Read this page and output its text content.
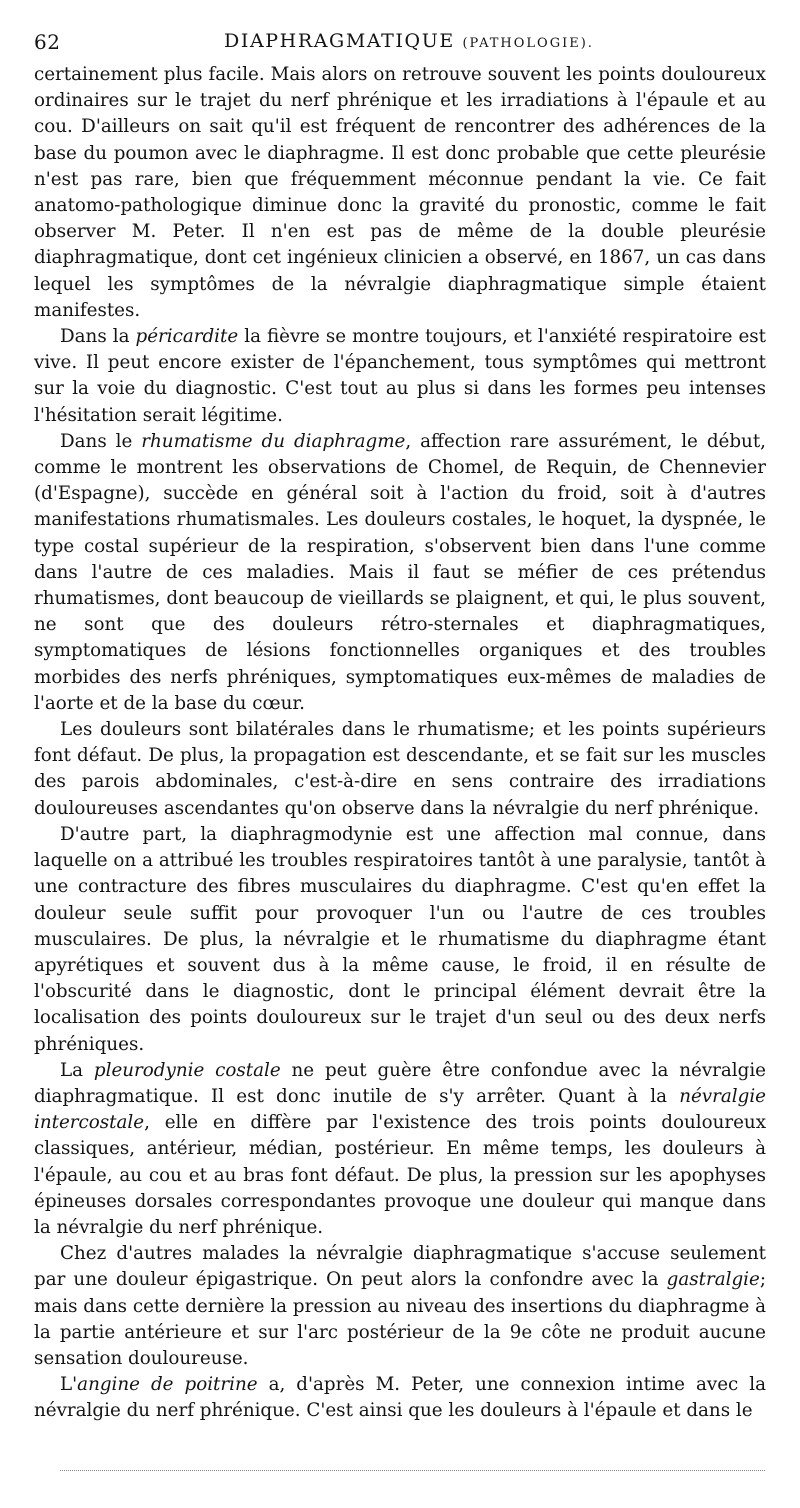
62	DIAPHRAGMATIQUE (PATHOLOGIE).

certainement plus facile. Mais alors on retrouve souvent les points douloureux ordinaires sur le trajet du nerf phrénique et les irradiations à l'épaule et au cou. D'ailleurs on sait qu'il est fréquent de rencontrer des adhérences de la base du poumon avec le diaphragme. Il est donc probable que cette pleurésie n'est pas rare, bien que fréquemment méconnue pendant la vie. Ce fait anatomo-pathologique diminue donc la gravité du pronostic, comme le fait observer M. Peter. Il n'en est pas de même de la double pleurésie diaphragmatique, dont cet ingénieux clinicien a observé, en 1867, un cas dans lequel les symptômes de la névralgie diaphragmatique simple étaient manifestes.

Dans la péricardite la fièvre se montre toujours, et l'anxiété respiratoire est vive. Il peut encore exister de l'épanchement, tous symptômes qui mettront sur la voie du diagnostic. C'est tout au plus si dans les formes peu intenses l'hésitation serait légitime.

Dans le rhumatisme du diaphragme, affection rare assurément, le début, comme le montrent les observations de Chomel, de Requin, de Chennevier (d'Espagne), succède en général soit à l'action du froid, soit à d'autres manifestations rhumatismales. Les douleurs costales, le hoquet, la dyspnée, le type costal supérieur de la respiration, s'observent bien dans l'une comme dans l'autre de ces maladies. Mais il faut se méfier de ces prétendus rhumatismes, dont beaucoup de vieillards se plaignent, et qui, le plus souvent, ne sont que des douleurs rétro-sternales et diaphragmatiques, symptomatiques de lésions fonctionnelles organiques et des troubles morbides des nerfs phréniques, symptomatiques eux-mêmes de maladies de l'aorte et de la base du cœur.

Les douleurs sont bilatérales dans le rhumatisme; et les points supérieurs font défaut. De plus, la propagation est descendante, et se fait sur les muscles des parois abdominales, c'est-à-dire en sens contraire des irradiations douloureuses ascendantes qu'on observe dans la névralgie du nerf phrénique.

D'autre part, la diaphragmodynie est une affection mal connue, dans laquelle on a attribué les troubles respiratoires tantôt à une paralysie, tantôt à une contracture des fibres musculaires du diaphragme. C'est qu'en effet la douleur seule suffit pour provoquer l'un ou l'autre de ces troubles musculaires. De plus, la névralgie et le rhumatisme du diaphragme étant apyrétiques et souvent dus à la même cause, le froid, il en résulte de l'obscurité dans le diagnostic, dont le principal élément devrait être la localisation des points douloureux sur le trajet d'un seul ou des deux nerfs phréniques.

La pleurodynie costale ne peut guère être confondue avec la névralgie diaphragmatique. Il est donc inutile de s'y arrêter. Quant à la névralgie intercostale, elle en diffère par l'existence des trois points douloureux classiques, antérieur, médian, postérieur. En même temps, les douleurs à l'épaule, au cou et au bras font défaut. De plus, la pression sur les apophyses épineuses dorsales correspondantes provoque une douleur qui manque dans la névralgie du nerf phrénique.

Chez d'autres malades la névralgie diaphragmatique s'accuse seulement par une douleur épigastrique. On peut alors la confondre avec la gastralgie; mais dans cette dernière la pression au niveau des insertions du diaphragme à la partie antérieure et sur l'arc postérieur de la 9e côte ne produit aucune sensation douloureuse.

L'angine de poitrine a, d'après M. Peter, une connexion intime avec la névralgie du nerf phrénique. C'est ainsi que les douleurs à l'épaule et dans le
